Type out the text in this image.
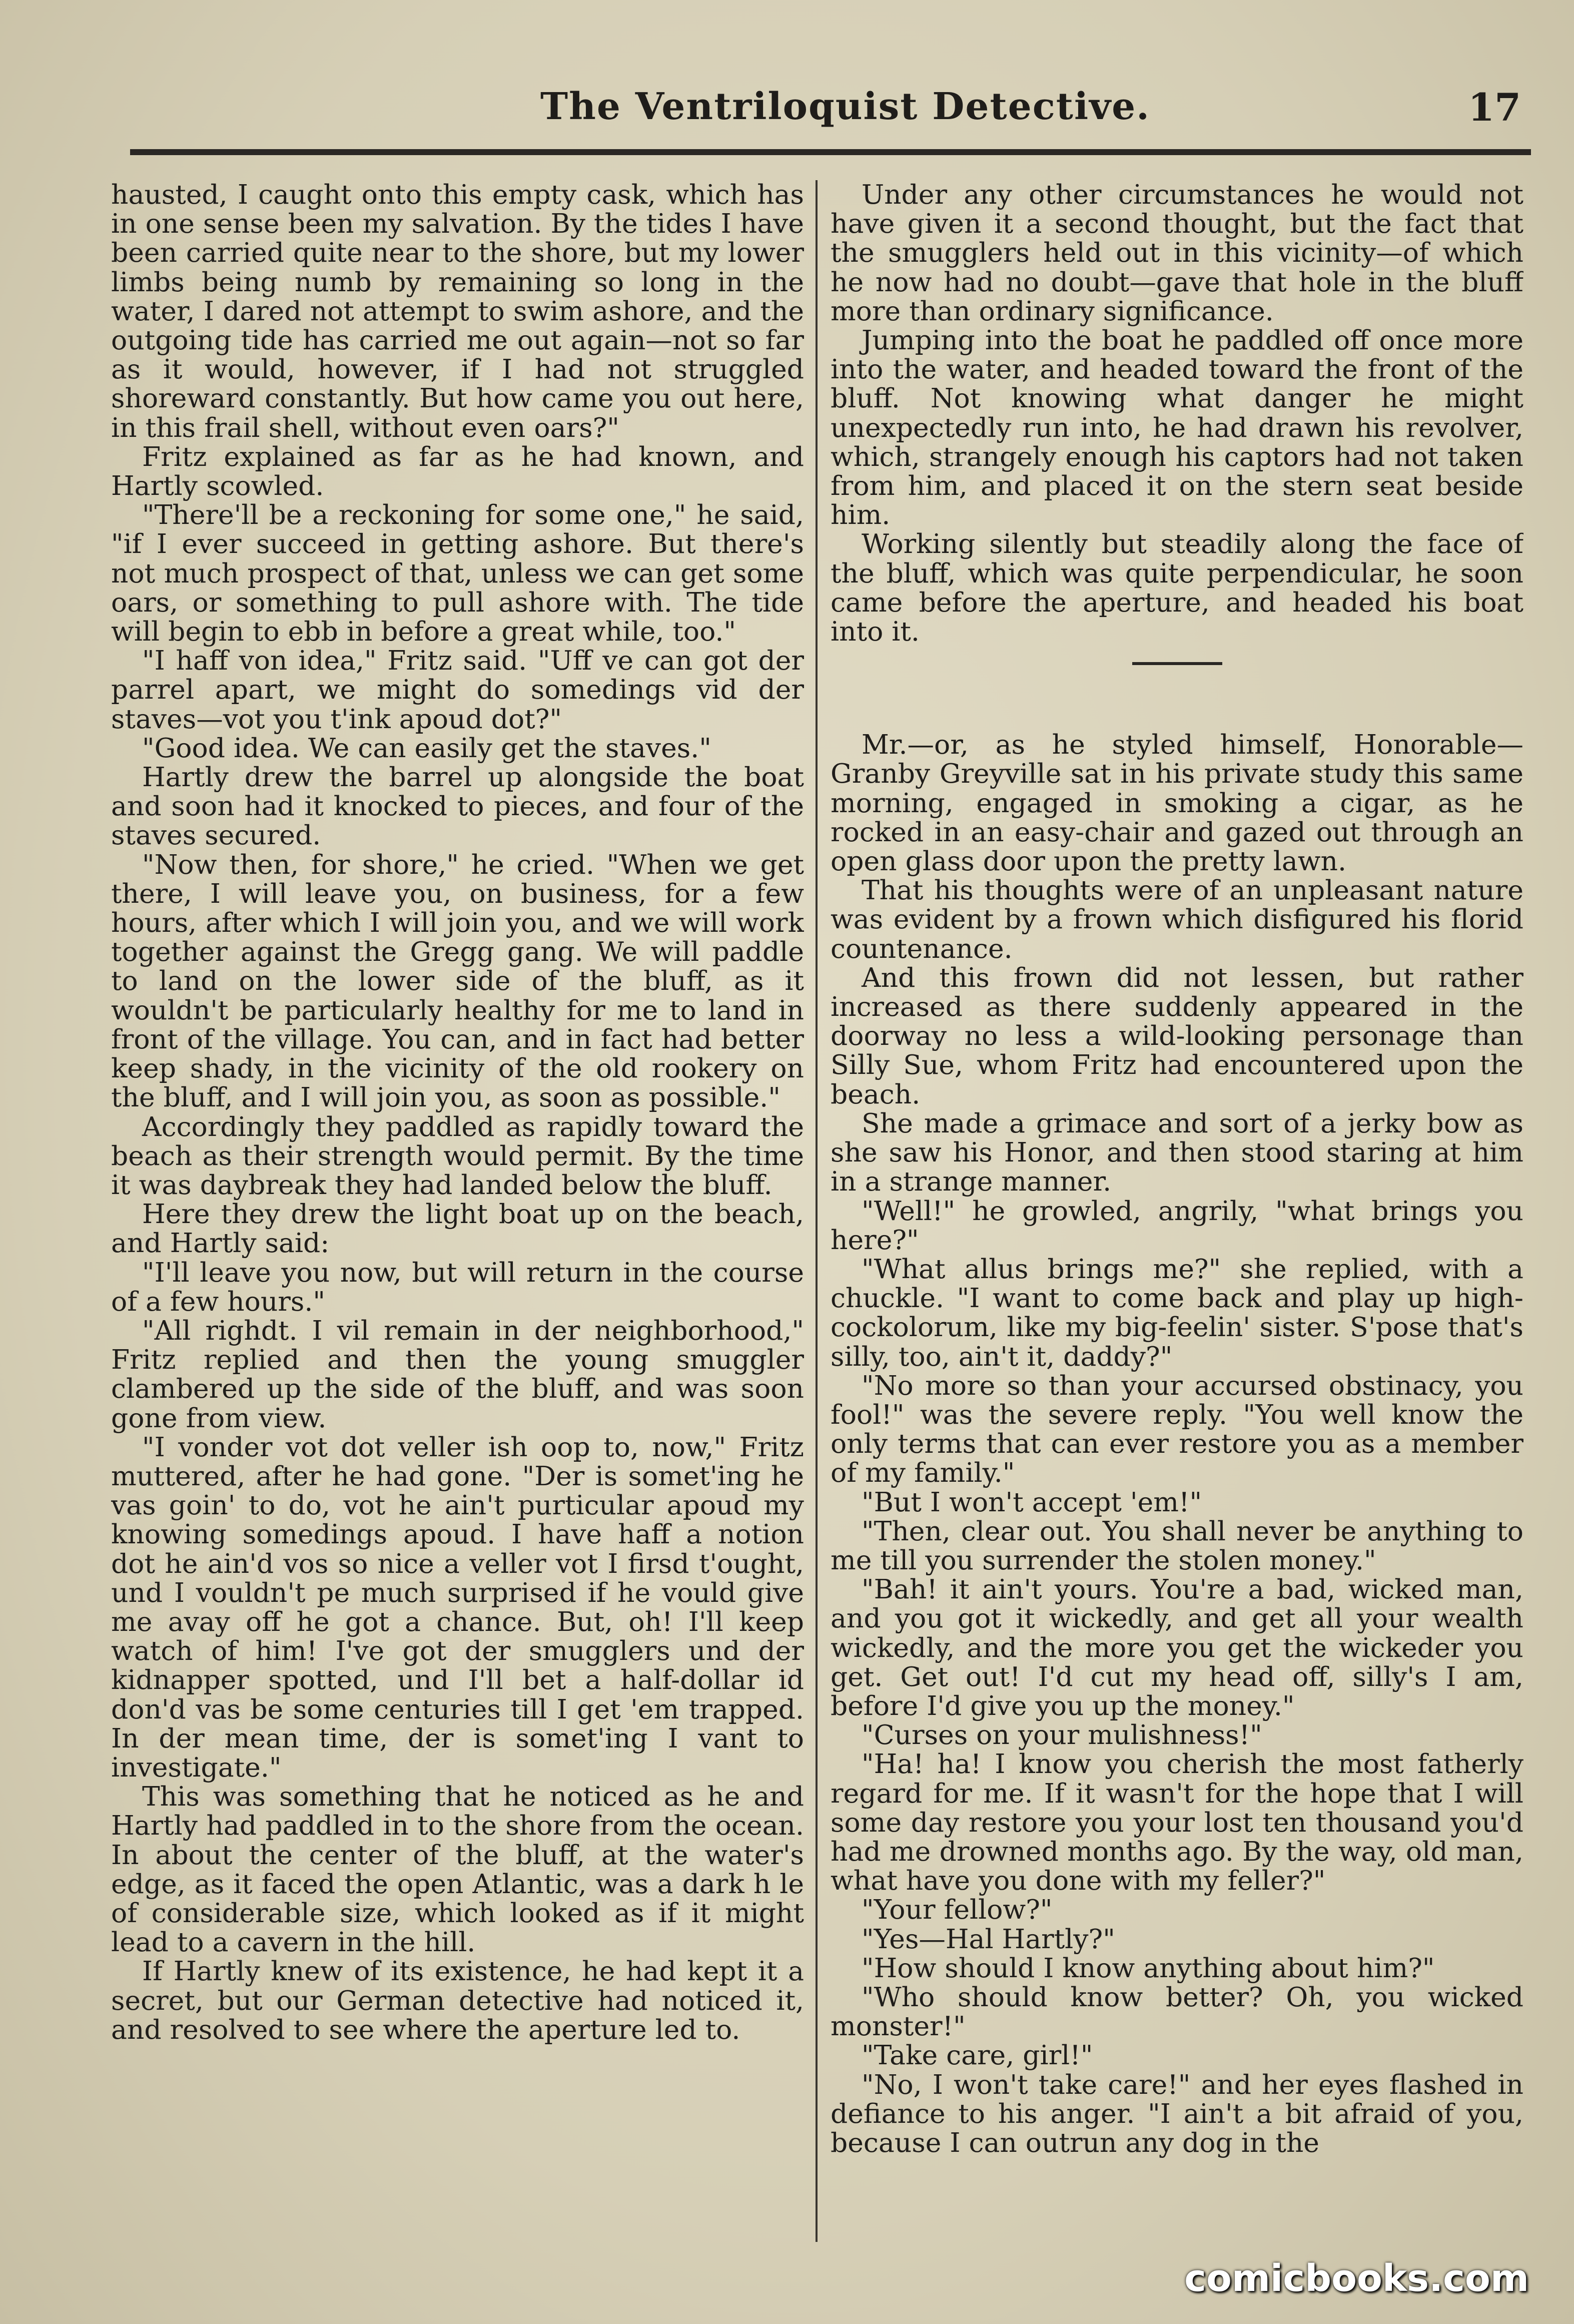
The Ventriloquist Detective.	17

hausted, I caught onto this empty cask, which has in one sense been my salvation. By the tides I have been carried quite near to the shore, but my lower limbs being numb by remaining so long in the water, I dared not attempt to swim ashore, and the outgoing tide has carried me out again—not so far as it would, however, if I had not struggled shoreward constantly. But how came you out here, in this frail shell, without even oars?"

Fritz explained as far as he had known, and Hartly scowled.

"There'll be a reckoning for some one," he said, "if I ever succeed in getting ashore. But there's not much prospect of that, unless we can get some oars, or something to pull ashore with. The tide will begin to ebb in before a great while, too."

"I haff von idea," Fritz said. "Uff ve can got der parrel apart, we might do somedings vid der staves—vot you t'ink apoud dot?"

"Good idea. We can easily get the staves."

Hartly drew the barrel up alongside the boat and soon had it knocked to pieces, and four of the staves secured.

"Now then, for shore," he cried. "When we get there, I will leave you, on business, for a few hours, after which I will join you, and we will work together against the Gregg gang. We will paddle to land on the lower side of the bluff, as it wouldn't be particularly healthy for me to land in front of the village. You can, and in fact had better keep shady, in the vicinity of the old rookery on the bluff, and I will join you, as soon as possible."

Accordingly they paddled as rapidly toward the beach as their strength would permit. By the time it was daybreak they had landed below the bluff.

Here they drew the light boat up on the beach, and Hartly said:

"I'll leave you now, but will return in the course of a few hours."

"All righdt. I vil remain in der neighborhood," Fritz replied and then the young smuggler clambered up the side of the bluff, and was soon gone from view.

"I vonder vot dot veller ish oop to, now," Fritz muttered, after he had gone. "Der is somet'ing he vas goin' to do, vot he ain't purticular apoud my knowing somedings apoud. I have haff a notion dot he ain'd vos so nice a veller vot I firsd t'ought, und I vouldn't pe much surprised if he vould give me avay off he got a chance. But, oh! I'll keep watch of him! I've got der smugglers und der kidnapper spotted, und I'll bet a half-dollar id don'd vas be some centuries till I get 'em trapped. In der mean time, der is somet'ing I vant to investigate."

This was something that he noticed as he and Hartly had paddled in to the shore from the ocean. In about the center of the bluff, at the water's edge, as it faced the open Atlantic, was a dark h le of considerable size, which looked as if it might lead to a cavern in the hill.

If Hartly knew of its existence, he had kept it a secret, but our German detective had noticed it, and resolved to see where the aperture led to.

Under any other circumstances he would not have given it a second thought, but the fact that the smugglers held out in this vicinity—of which he now had no doubt—gave that hole in the bluff more than ordinary significance.

Jumping into the boat he paddled off once more into the water, and headed toward the front of the bluff. Not knowing what danger he might unexpectedly run into, he had drawn his revolver, which, strangely enough his captors had not taken from him, and placed it on the stern seat beside him.

Working silently but steadily along the face of the bluff, which was quite perpendicular, he soon came before the aperture, and headed his boat into it.

Mr.—or, as he styled himself, Honorable—Granby Greyville sat in his private study this same morning, engaged in smoking a cigar, as he rocked in an easy-chair and gazed out through an open glass door upon the pretty lawn.

That his thoughts were of an unpleasant nature was evident by a frown which disfigured his florid countenance.

And this frown did not lessen, but rather increased as there suddenly appeared in the doorway no less a wild-looking personage than Silly Sue, whom Fritz had encountered upon the beach.

She made a grimace and sort of a jerky bow as she saw his Honor, and then stood staring at him in a strange manner.

"Well!" he growled, angrily, "what brings you here?"

"What allus brings me?" she replied, with a chuckle. "I want to come back and play up high-cockolorum, like my big-feelin' sister. S'pose that's silly, too, ain't it, daddy?"

"No more so than your accursed obstinacy, you fool!" was the severe reply. "You well know the only terms that can ever restore you as a member of my family."

"But I won't accept 'em!"

"Then, clear out. You shall never be anything to me till you surrender the stolen money."

"Bah! it ain't yours. You're a bad, wicked man, and you got it wickedly, and get all your wealth wickedly, and the more you get the wickeder you get. Get out! I'd cut my head off, silly's I am, before I'd give you up the money."

"Curses on your mulishness!"

"Ha! ha! I know you cherish the most fatherly regard for me. If it wasn't for the hope that I will some day restore you your lost ten thousand you'd had me drowned months ago. By the way, old man, what have you done with my feller?"

"Your fellow?"

"Yes—Hal Hartly?"

"How should I know anything about him?"

"Who should know better? Oh, you wicked monster!"

"Take care, girl!"

"No, I won't take care!" and her eyes flashed in defiance to his anger. "I ain't a bit afraid of you, because I can outrun any dog in the

comicbooks.com
